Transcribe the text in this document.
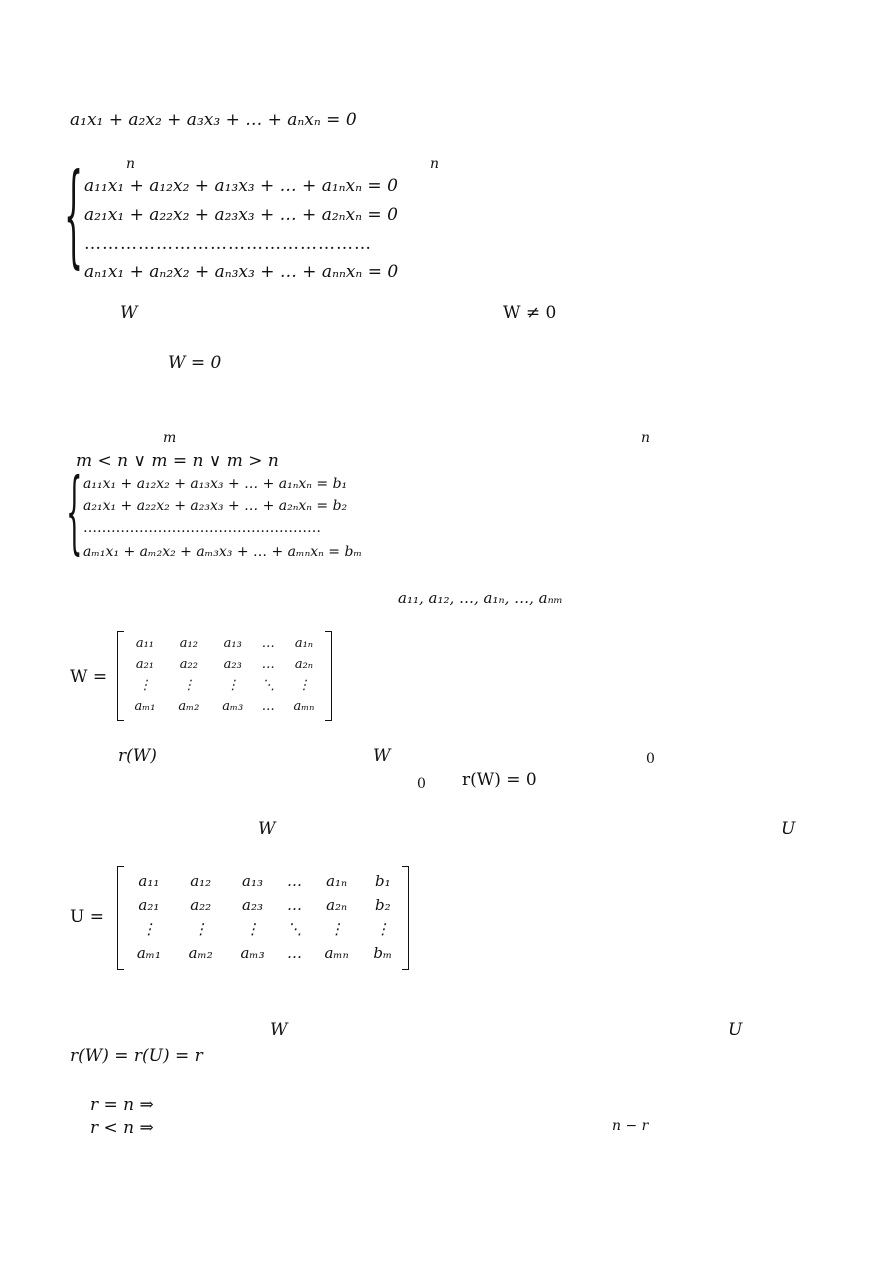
a₁x₁ + a₂x₂ + a₃x₃ + … + aₙxₙ = 0
n	n
{ a₁₁x₁ + a₁₂x₂ + a₁₃x₃ + … + a₁ₙxₙ = 0
a₂₁x₁ + a₂₂x₂ + a₂₃x₃ + … + a₂ₙxₙ = 0
…………………………………………
aₙ₁x₁ + aₙ₂x₂ + aₙ₃x₃ + … + aₙₙxₙ = 0
W	W ≠ 0
W = 0
m	n
m < n ∨ m = n ∨ m > n
{ a₁₁x₁ + a₁₂x₂ + a₁₃x₃ + … + a₁ₙxₙ = b₁
a₂₁x₁ + a₂₂x₂ + a₂₃x₃ + … + a₂ₙxₙ = b₂
……………………………………………
aₘ₁x₁ + aₘ₂x₂ + aₘ₃x₃ + … + aₘₙxₙ = bₘ
a₁₁, a₁₂, …, a₁ₙ, …, aₙₘ
W =
a₁₁	a₁₂	a₁₃	…	a₁ₙ
a₂₁	a₂₂	a₂₃	…	a₂ₙ
⋮	⋮	⋮	⋱	⋮
aₘ₁	aₘ₂	aₘ₃	…	aₘₙ
r(W)	W	0
0 r(W) = 0
W	U
U =
a₁₁	a₁₂	a₁₃	…	a₁ₙ	b₁
a₂₁	a₂₂	a₂₃	…	a₂ₙ	b₂
⋮	⋮	⋮	⋱	⋮	⋮
aₘ₁	aₘ₂	aₘ₃	…	aₘₙ	bₘ
W	U
r(W) = r(U) = r
r = n ⇒
r < n ⇒	n − r
